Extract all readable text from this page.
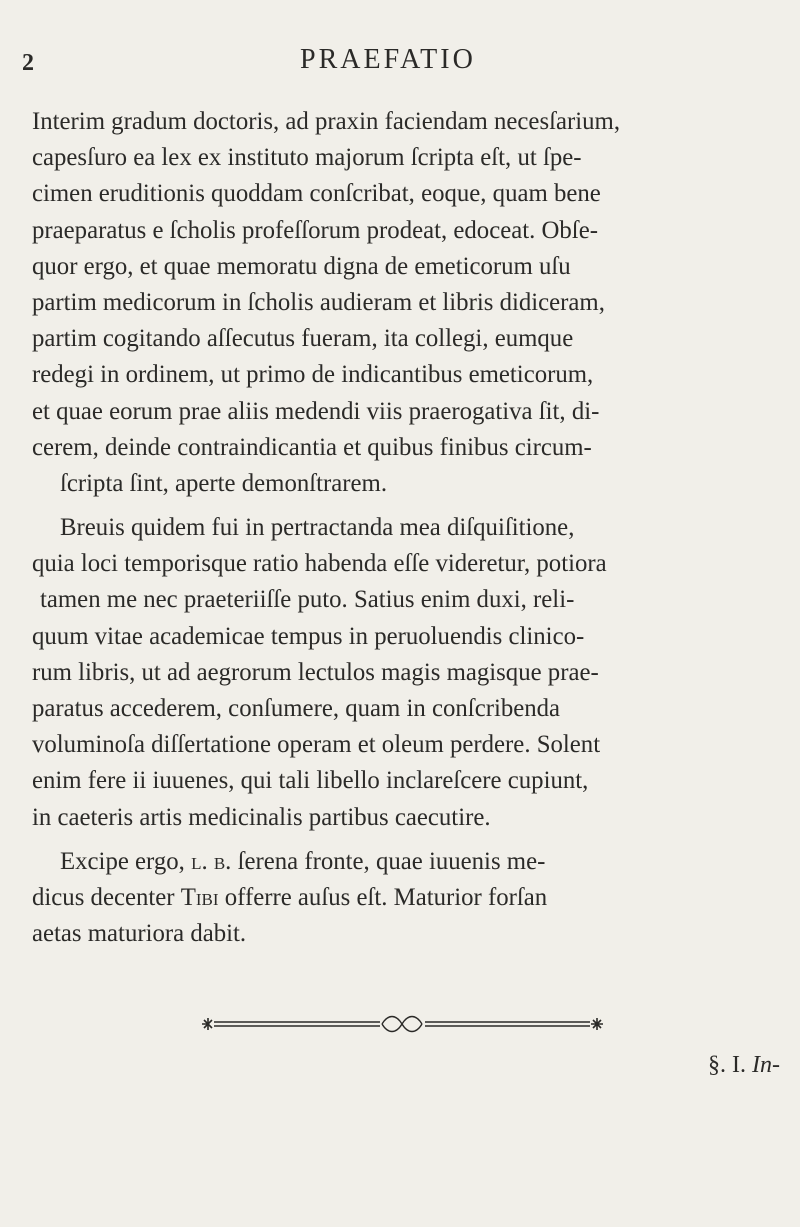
2	PRAEFATIO
Interim gradum doctoris, ad praxin faciendam necesſarium,
capesſuro ea lex ex instituto majorum ſcripta eſt, ut ſpe-
cimen eruditionis quoddam conſcribat, eoque, quam bene
praeparatus e ſcholis profeſſorum prodeat, edoceat. Obſe-
quor ergo, et quae memoratu digna de emeticorum uſu
partim medicorum in ſcholis audieram et libris didiceram,
partim cogitando aſſecutus fueram, ita collegi, eumque
redegi in ordinem, ut primo de indicantibus emeticorum,
et quae eorum prae aliis medendi viis praerogativa ſit, di-
cerem, deinde contraindicantia et quibus finibus circum-
ſcripta ſint, aperte demonſtrarem.
Breuis quidem fui in pertractanda mea diſquiſitione,
quia loci temporisque ratio habenda eſſe videretur, potiora
tamen me nec praeteriiſſe puto. Satius enim duxi, reli-
quum vitae academicae tempus in peruoluendis clinico-
rum libris, ut ad aegrorum lectulos magis magisque prae-
paratus accederem, conſumere, quam in conſcribenda
voluminoſa diſſertatione operam et oleum perdere. Solent
enim fere ii iuuenes, qui tali libello inclareſcere cupiunt,
in caeteris artis medicinalis partibus caecutire.
Excipe ergo, l. b. ſerena fronte, quae iuuenis me-
dicus decenter Tibi offerre auſus eſt. Maturior forſan
aetas maturiora dabit.
§. I. In-
